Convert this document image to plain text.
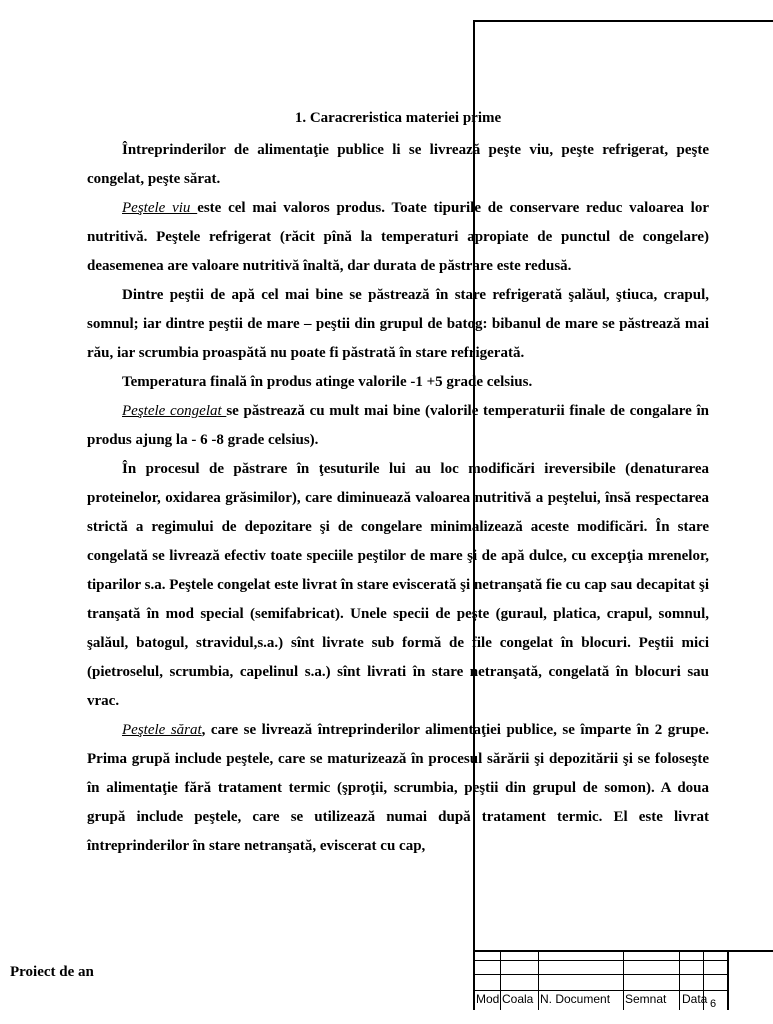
1. Caracreristica materiei prime

Întreprinderilor de alimentaţie publice li se livrează peşte viu, peşte refrigerat, peşte congelat, peşte sărat.

Peştele viu este cel mai valoros produs. Toate tipurile de conservare reduc valoarea lor nutritivă. Peştele refrigerat (răcit pînă la temperaturi apropiate de punctul de congelare) deasemenea are valoare nutritivă înaltă, dar durata de păstrare este redusă.

Dintre peştii de apă cel mai bine se păstrează în stare refrigerată şalăul, ştiuca, crapul, somnul; iar dintre peştii de mare – peştii din grupul de batog: bibanul de mare se păstrează mai rău, iar scrumbia proaspătă nu poate fi păstrată în stare refrigerată.

Temperatura finală în produs atinge valorile -1 +5 grade celsius.

Peştele congelat se păstrează cu mult mai bine (valorile temperaturii finale de congalare în produs ajung la - 6 -8 grade celsius).

În procesul de păstrare în ţesuturile lui au loc modificări ireversibile (denaturarea proteinelor, oxidarea grăsimilor), care diminuează valoarea nutritivă a peştelui, însă respectarea strictă a regimului de depozitare şi de congelare minimalizează aceste modificări. În stare congelată se livrează efectiv toate speciile peştilor de mare şi de apă dulce, cu excepţia mrenelor, tiparilor s.a. Peştele congelat este livrat în stare eviscerată şi netranşată fie cu cap sau decapitat şi tranşată în mod special (semifabricat). Unele specii de peşte (guraul, platica, crapul, somnul, şalăul, batogul, stravidul,s.a.) sînt livrate sub formă de file congelat în blocuri. Peştii mici (pietroselul, scrumbia, capelinul s.a.) sînt livrati în stare netranşată, congelată în blocuri sau vrac.

Peştele sărat, care se livrează întreprinderilor alimentaţiei publice, se împarte în 2 grupe. Prima grupă include peştele, care se maturizează în procesul sărării şi depozitării şi se foloseşte în alimentaţie fără tratament termic (şproţii, scrumbia, peştii din grupul de somon). A doua grupă include peştele, care se utilizează numai după tratament termic. El este livrat întreprinderilor în stare netranşată, eviscerat cu cap,

Proiect de an
Mod Coala N. Document	Semnat	Data 6
